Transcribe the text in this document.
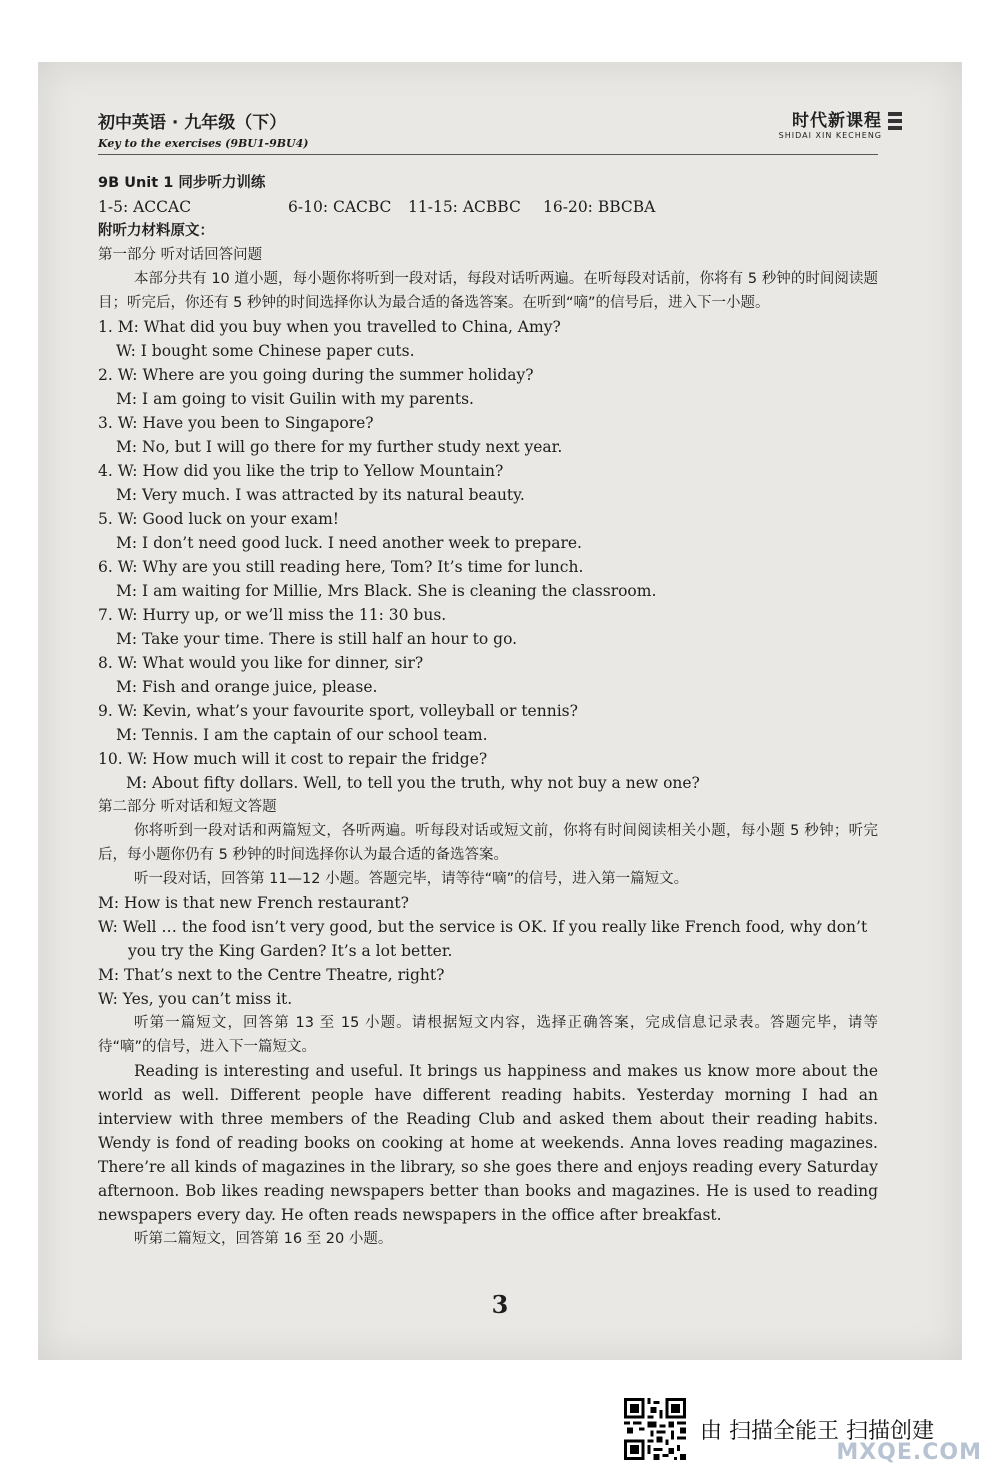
初中英语 · 九年级（下）
Key to the exercises (9BU1-9BU4)
时代新课程
SHIDAI XIN KECHENG
9B Unit 1 同步听力训练
1-5: ACCAC	6-10: CACBC	11-15: ACBBC	16-20: BBCBA
附听力材料原文：
第一部分 听对话回答问题
本部分共有 10 道小题，每小题你将听到一段对话，每段对话听两遍。在听每段对话前，你将有 5 秒钟的时间阅读题目；听完后，你还有 5 秒钟的时间选择你认为最合适的备选答案。在听到“嘀”的信号后，进入下一小题。
1. M: What did you buy when you travelled to China, Amy?
W: I bought some Chinese paper cuts.
2. W: Where are you going during the summer holiday?
M: I am going to visit Guilin with my parents.
3. W: Have you been to Singapore?
M: No, but I will go there for my further study next year.
4. W: How did you like the trip to Yellow Mountain?
M: Very much. I was attracted by its natural beauty.
5. W: Good luck on your exam!
M: I don’t need good luck. I need another week to prepare.
6. W: Why are you still reading here, Tom? It’s time for lunch.
M: I am waiting for Millie, Mrs Black. She is cleaning the classroom.
7. W: Hurry up, or we’ll miss the 11: 30 bus.
M: Take your time. There is still half an hour to go.
8. W: What would you like for dinner, sir?
M: Fish and orange juice, please.
9. W: Kevin, what’s your favourite sport, volleyball or tennis?
M: Tennis. I am the captain of our school team.
10. W: How much will it cost to repair the fridge?
M: About fifty dollars. Well, to tell you the truth, why not buy a new one?
第二部分 听对话和短文答题
你将听到一段对话和两篇短文，各听两遍。听每段对话或短文前，你将有时间阅读相关小题，每小题 5 秒钟；听完后，每小题你仍有 5 秒钟的时间选择你认为最合适的备选答案。
听一段对话，回答第 11—12 小题。答题完毕，请等待“嘀”的信号，进入第一篇短文。
M: How is that new French restaurant?
W: Well … the food isn’t very good, but the service is OK. If you really like French food, why don’t
you try the King Garden? It’s a lot better.
M: That’s next to the Centre Theatre, right?
W: Yes, you can’t miss it.
听第一篇短文，回答第 13 至 15 小题。请根据短文内容，选择正确答案，完成信息记录表。答题完毕，请等待“嘀”的信号，进入下一篇短文。
Reading is interesting and useful. It brings us happiness and makes us know more about the world as well. Different people have different reading habits. Yesterday morning I had an interview with three members of the Reading Club and asked them about their reading habits. Wendy is fond of reading books on cooking at home at weekends. Anna loves reading magazines. There’re all kinds of magazines in the library, so she goes there and enjoys reading every Saturday afternoon. Bob likes reading newspapers better than books and magazines. He is used to reading newspapers every day. He often reads newspapers in the office after breakfast.
听第二篇短文，回答第 16 至 20 小题。
3
由 扫描全能王 扫描创建
MXQE.COM
